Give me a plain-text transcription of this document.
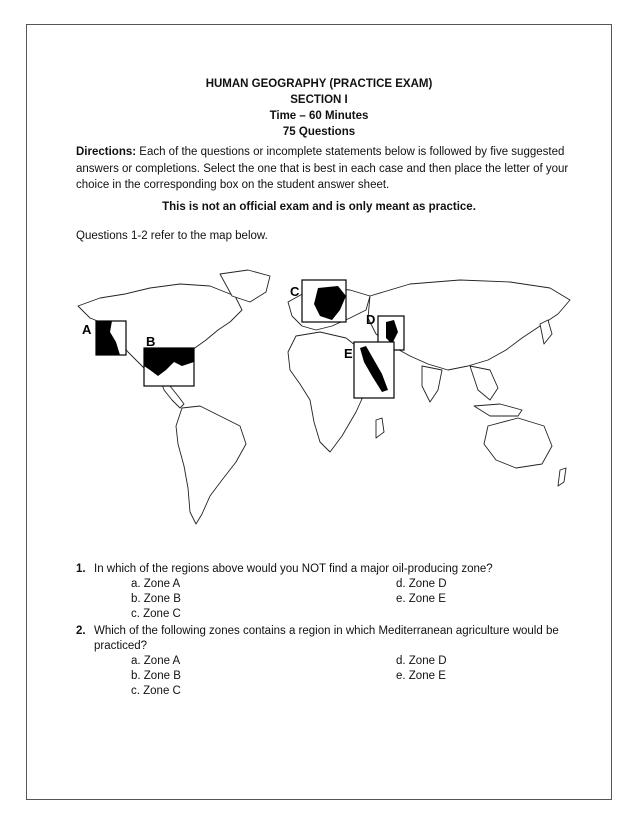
HUMAN GEOGRAPHY (PRACTICE EXAM)
SECTION I
Time – 60 Minutes
75 Questions
Directions: Each of the questions or incomplete statements below is followed by five suggested answers or completions. Select the one that is best in each case and then place the letter of your choice in the corresponding box on the student answer sheet.
This is not an official exam and is only meant as practice.
Questions 1-2 refer to the map below.
A
B
C
D
E
1. In which of the regions above would you NOT find a major oil-producing zone?
a. Zone A
b. Zone B
c. Zone C
d. Zone D
e. Zone E
2. Which of the following zones contains a region in which Mediterranean agriculture would be practiced?
a. Zone A
b. Zone B
c. Zone C
d. Zone D
e. Zone E
